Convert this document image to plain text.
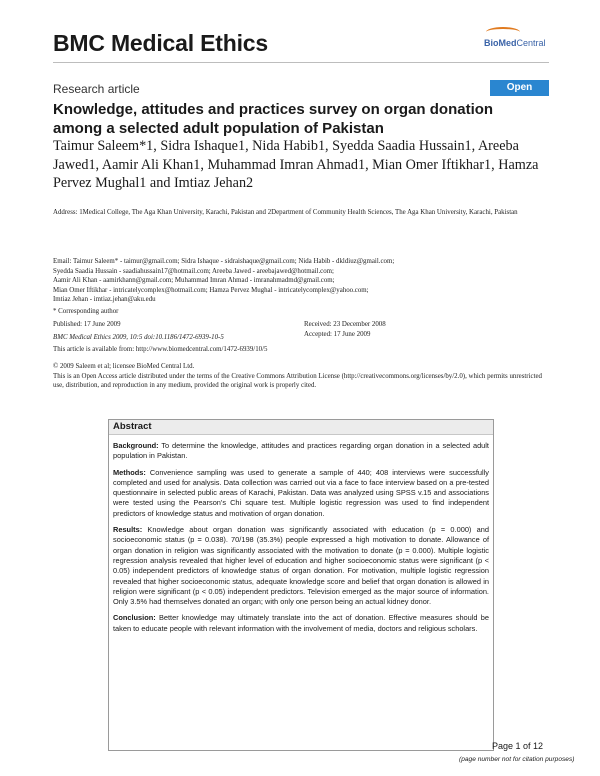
BMC Medical Ethics	BioMedCentral
Research article	Open Access
Knowledge, attitudes and practices survey on organ donation among a selected adult population of Pakistan
Taimur Saleem*1, Sidra Ishaque1, Nida Habib1, Syedda Saadia Hussain1, Areeba Jawed1, Aamir Ali Khan1, Muhammad Imran Ahmad1, Mian Omer Iftikhar1, Hamza Pervez Mughal1 and Imtiaz Jehan2
Address: 1Medical College, The Aga Khan University, Karachi, Pakistan and 2Department of Community Health Sciences, The Aga Khan University, Karachi, Pakistan
Email: Taimur Saleem* - taimur@gmail.com; Sidra Ishaque - sidraishaque@gmail.com; Nida Habib - dkldiuz@gmail.com;
Syedda Saadia Hussain - saadiahussain17@hotmail.com; Areeba Jawed - areebajawed@hotmail.com;
Aamir Ali Khan - aamirkhann@gmail.com; Muhammad Imran Ahmad - imranahmadmd@gmail.com;
Mian Omer Iftikhar - intricatelycomplex@hotmail.com; Hamza Pervez Mughal - intricatelycomplex@yahoo.com;
Imtiaz Jehan - imtiaz.jehan@aku.edu
* Corresponding author
Published: 17 June 2009
BMC Medical Ethics 2009, 10:5 doi:10.1186/1472-6939-10-5
This article is available from: http://www.biomedcentral.com/1472-6939/10/5
Received: 23 December 2008
Accepted: 17 June 2009
© 2009 Saleem et al; licensee BioMed Central Ltd.
This is an Open Access article distributed under the terms of the Creative Commons Attribution License (http://creativecommons.org/licenses/by/2.0), which permits unrestricted use, distribution, and reproduction in any medium, provided the original work is properly cited.
Abstract

Background: To determine the knowledge, attitudes and practices regarding organ donation in a selected adult population in Pakistan.

Methods: Convenience sampling was used to generate a sample of 440; 408 interviews were successfully completed and used for analysis. Data collection was carried out via a face to face interview based on a pre-tested questionnaire in selected public areas of Karachi, Pakistan. Data was analyzed using SPSS v.15 and associations were tested using the Pearson's Chi square test. Multiple logistic regression was used to find independent predictors of knowledge status and motivation of organ donation.

Results: Knowledge about organ donation was significantly associated with education (p = 0.000) and socioeconomic status (p = 0.038). 70/198 (35.3%) people expressed a high motivation to donate. Allowance of organ donation in religion was significantly associated with the motivation to donate (p = 0.000). Multiple logistic regression analysis revealed that higher level of education and higher socioeconomic status were significant (p < 0.05) independent predictors of knowledge status of organ donation. For motivation, multiple logistic regression revealed that higher socioeconomic status, adequate knowledge score and belief that organ donation is allowed in religion were significant (p < 0.05) independent predictors. Television emerged as the major source of information. Only 3.5% had themselves donated an organ; with only one person being an actual kidney donor.

Conclusion: Better knowledge may ultimately translate into the act of donation. Effective measures should be taken to educate people with relevant information with the involvement of media, doctors and religious scholars.

Page 1 of 12
(page number not for citation purposes)
